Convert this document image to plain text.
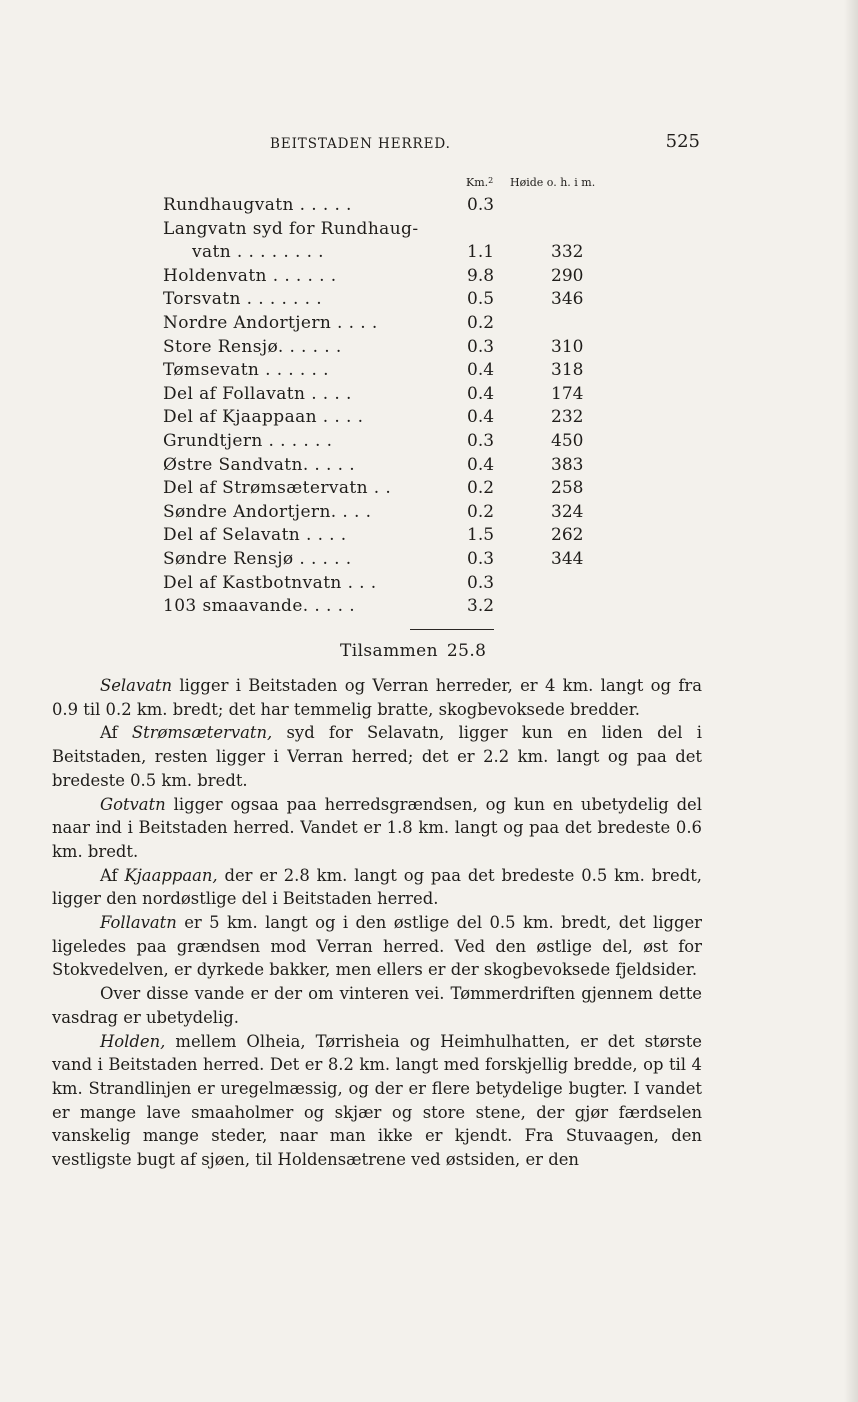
BEITSTADEN HERRED.	525
Km.$^2$ Høide o. h. i m.
Rundhaugvatn . . . . .	0.3
Langvatn syd for Rundhaug-
vatn . . . . . . . .	1.1	332
Holdenvatn . . . . . .	9.8	290
Torsvatn . . . . . . .	0.5	346
Nordre Andortjern . . . .	0.2
Store Rensjø. . . . . .	0.3	310
Tømsevatn . . . . . .	0.4	318
Del af Follavatn . . . .	0.4	174
Del af Kjaappaan . . . .	0.4	232
Grundtjern . . . . . .	0.3	450
Østre Sandvatn. . . . .	0.4	383
Del af Strømsætervatn . .	0.2	258
Søndre Andortjern. . . .	0.2	324
Del af Selavatn . . . .	1.5	262
Søndre Rensjø . . . . .	0.3	344
Del af Kastbotnvatn . . .	0.3
103 smaavande. . . . .	3.2
Tilsammen 25.8

Selavatn ligger i Beitstaden og Verran herreder, er 4 km. langt og fra 0.9 til 0.2 km. bredt; det har temmelig bratte, skogbevoksede bredder.

Af Strømsætervatn, syd for Selavatn, ligger kun en liden del i Beitstaden, resten ligger i Verran herred; det er 2.2 km. langt og paa det bredeste 0.5 km. bredt.

Gotvatn ligger ogsaa paa herredsgrændsen, og kun en ubetydelig del naar ind i Beitstaden herred. Vandet er 1.8 km. langt og paa det bredeste 0.6 km. bredt.

Af Kjaappaan, der er 2.8 km. langt og paa det bredeste 0.5 km. bredt, ligger den nordøstlige del i Beitstaden herred.

Follavatn er 5 km. langt og i den østlige del 0.5 km. bredt, det ligger ligeledes paa grændsen mod Verran herred. Ved den østlige del, øst for Stokvedelven, er dyrkede bakker, men ellers er der skogbevoksede fjeldsider.

Over disse vande er der om vinteren vei. Tømmerdriften gjennem dette vasdrag er ubetydelig.

Holden, mellem Olheia, Tørrisheia og Heimhulhatten, er det største vand i Beitstaden herred. Det er 8.2 km. langt med forskjellig bredde, op til 4 km. Strandlinjen er uregelmæssig, og der er flere betydelige bugter. I vandet er mange lave smaaholmer og skjær og store stene, der gjør færdselen vanskelig mange steder, naar man ikke er kjendt. Fra Stuvaagen, den vestligste bugt af sjøen, til Holdensætrene ved østsiden, er den
